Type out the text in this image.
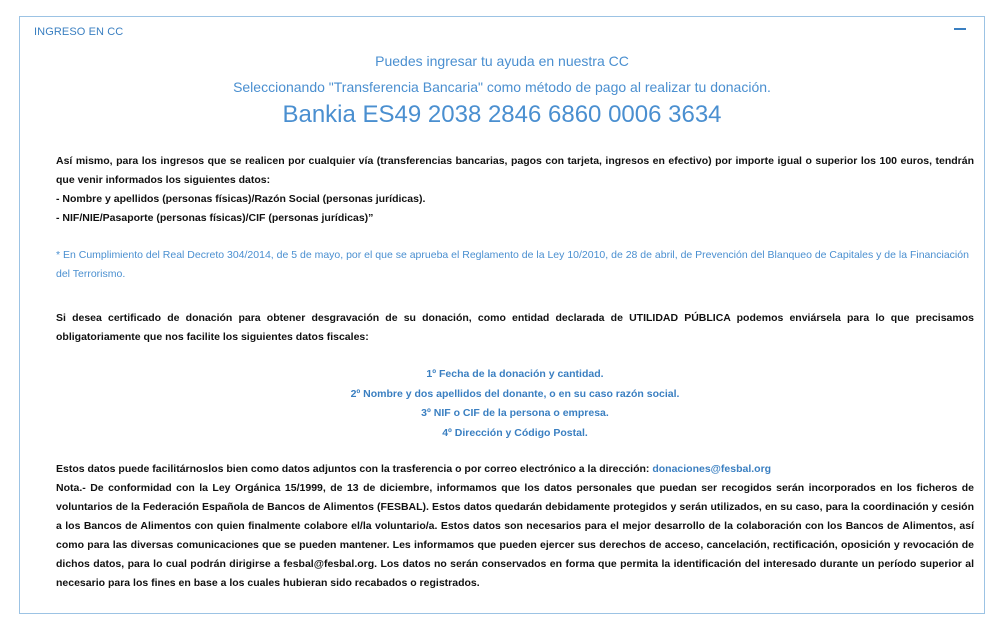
INGRESO EN CC
Puedes ingresar tu ayuda en nuestra CC
Seleccionando "Transferencia Bancaria" como método de pago al realizar tu donación.
Bankia ES49 2038 2846 6860 0006 3634
Así mismo, para los ingresos que se realicen por cualquier vía (transferencias bancarias, pagos con tarjeta, ingresos en efectivo) por importe igual o superior los 100 euros, tendrán que venir informados los siguientes datos:
- Nombre y apellidos (personas físicas)/Razón Social (personas jurídicas).
- NIF/NIE/Pasaporte (personas físicas)/CIF (personas jurídicas)”
* En Cumplimiento del Real Decreto 304/2014, de 5 de mayo, por el que se aprueba el Reglamento de la Ley 10/2010, de 28 de abril, de Prevención del Blanqueo de Capitales y de la Financiación del Terrorismo.
Si desea certificado de donación para obtener desgravación de su donación, como entidad declarada de UTILIDAD PÚBLICA podemos enviársela para lo que precisamos obligatoriamente que nos facilite los siguientes datos fiscales:
1º Fecha de la donación y cantidad.
2º Nombre y dos apellidos del donante, o en su caso razón social.
3º NIF o CIF de la persona o empresa.
4º Dirección y Código Postal.
Estos datos puede facilitárnoslos bien como datos adjuntos con la trasferencia o por correo electrónico a la dirección: donaciones@fesbal.org
Nota.- De conformidad con la Ley Orgánica 15/1999, de 13 de diciembre, informamos que los datos personales que puedan ser recogidos serán incorporados en los ficheros de voluntarios de la Federación Española de Bancos de Alimentos (FESBAL). Estos datos quedarán debidamente protegidos y serán utilizados, en su caso, para la coordinación y cesión a los Bancos de Alimentos con quien finalmente colabore el/la voluntario/a. Estos datos son necesarios para el mejor desarrollo de la colaboración con los Bancos de Alimentos, así como para las diversas comunicaciones que se pueden mantener. Les informamos que pueden ejercer sus derechos de acceso, cancelación, rectificación, oposición y revocación de dichos datos, para lo cual podrán dirigirse a fesbal@fesbal.org. Los datos no serán conservados en forma que permita la identificación del interesado durante un período superior al necesario para los fines en base a los cuales hubieran sido recabados o registrados.
